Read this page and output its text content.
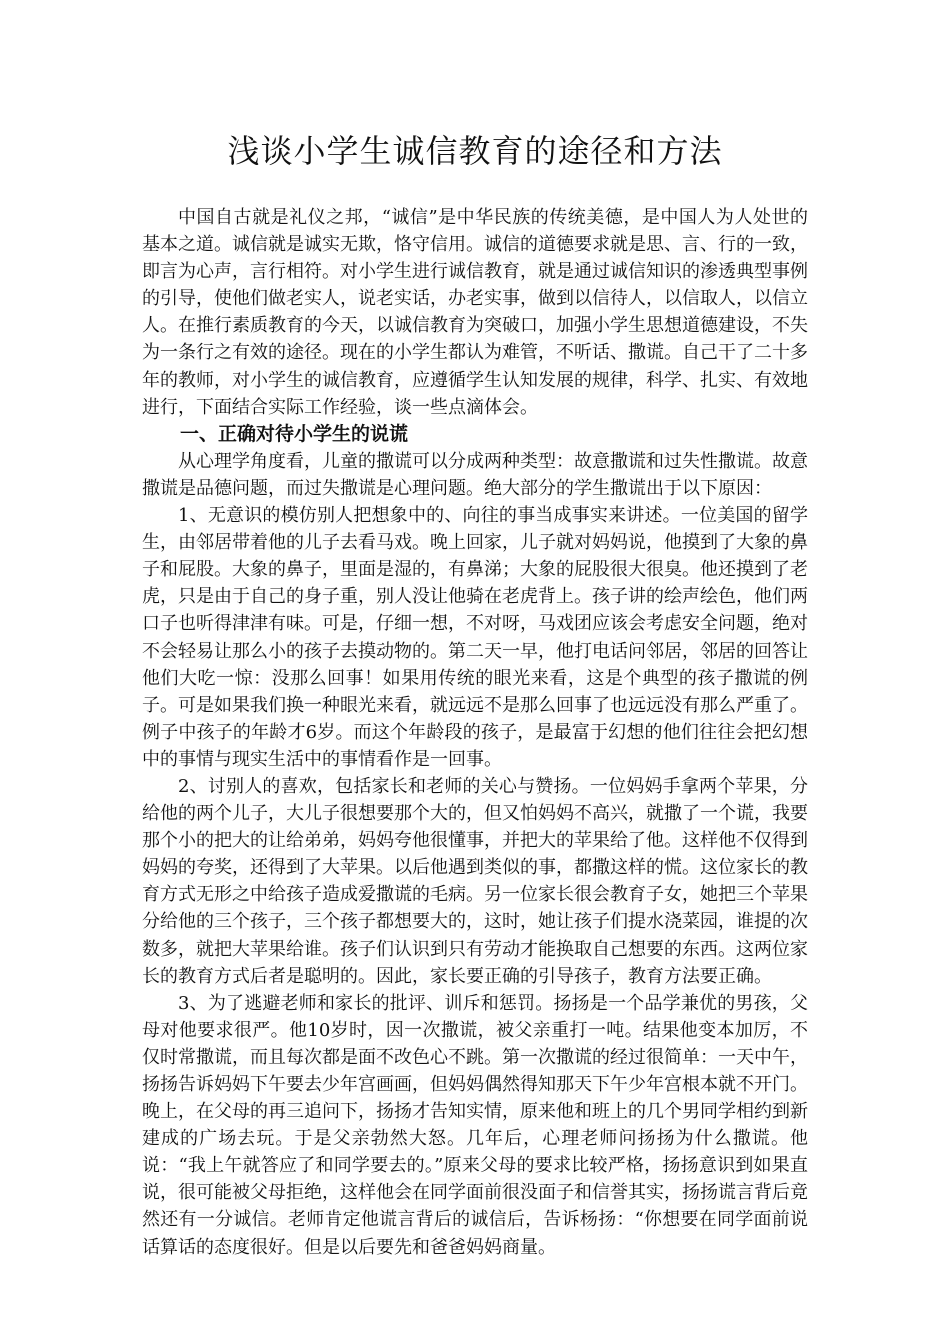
浅谈小学生诚信教育的途径和方法

中国自古就是礼仪之邦，“诚信”是中华民族的传统美德，是中国人为人处世的基本之道。诚信就是诚实无欺，恪守信用。诚信的道德要求就是思、言、行的一致，即言为心声，言行相符。对小学生进行诚信教育，就是通过诚信知识的渗透典型事例的引导，使他们做老实人，说老实话，办老实事，做到以信待人，以信取人，以信立人。在推行素质教育的今天，以诚信教育为突破口，加强小学生思想道德建设，不失为一条行之有效的途径。现在的小学生都认为难管，不听话、撒谎。自己干了二十多年的教师，对小学生的诚信教育，应遵循学生认知发展的规律，科学、扎实、有效地进行，下面结合实际工作经验，谈一些点滴体会。

一、正确对待小学生的说谎

从心理学角度看，儿童的撒谎可以分成两种类型：故意撒谎和过失性撒谎。故意撒谎是品德问题，而过失撒谎是心理问题。绝大部分的学生撒谎出于以下原因：

1、无意识的模仿别人把想象中的、向往的事当成事实来讲述。一位美国的留学生，由邻居带着他的儿子去看马戏。晚上回家，儿子就对妈妈说，他摸到了大象的鼻子和屁股。大象的鼻子，里面是湿的，有鼻涕；大象的屁股很大很臭。他还摸到了老虎，只是由于自己的身子重，别人没让他骑在老虎背上。孩子讲的绘声绘色，他们两口子也听得津津有味。可是，仔细一想，不对呀，马戏团应该会考虑安全问题，绝对不会轻易让那么小的孩子去摸动物的。第二天一早，他打电话问邻居，邻居的回答让他们大吃一惊：没那么回事！如果用传统的眼光来看，这是个典型的孩子撒谎的例子。可是如果我们换一种眼光来看，就远远不是那么回事了也远远没有那么严重了。例子中孩子的年龄才6岁。而这个年龄段的孩子，是最富于幻想的他们往往会把幻想中的事情与现实生活中的事情看作是一回事。

2、讨别人的喜欢，包括家长和老师的关心与赞扬。一位妈妈手拿两个苹果，分给他的两个儿子，大儿子很想要那个大的，但又怕妈妈不高兴，就撒了一个谎，我要那个小的把大的让给弟弟，妈妈夸他很懂事，并把大的苹果给了他。这样他不仅得到妈妈的夸奖，还得到了大苹果。以后他遇到类似的事，都撒这样的慌。这位家长的教育方式无形之中给孩子造成爱撒谎的毛病。另一位家长很会教育子女，她把三个苹果分给他的三个孩子，三个孩子都想要大的，这时，她让孩子们提水浇菜园，谁提的次数多，就把大苹果给谁。孩子们认识到只有劳动才能换取自己想要的东西。这两位家长的教育方式后者是聪明的。因此，家长要正确的引导孩子，教育方法要正确。

3、为了逃避老师和家长的批评、训斥和惩罚。扬扬是一个品学兼优的男孩，父母对他要求很严。他10岁时，因一次撒谎，被父亲重打一吨。结果他变本加厉，不仅时常撒谎，而且每次都是面不改色心不跳。第一次撒谎的经过很简单：一天中午，扬扬告诉妈妈下午要去少年宫画画，但妈妈偶然得知那天下午少年宫根本就不开门。晚上，在父母的再三追问下，扬扬才告知实情，原来他和班上的几个男同学相约到新建成的广场去玩。于是父亲勃然大怒。几年后，心理老师问扬扬为什么撒谎。他说：“我上午就答应了和同学要去的。”原来父母的要求比较严格，扬扬意识到如果直说，很可能被父母拒绝，这样他会在同学面前很没面子和信誉其实，扬扬谎言背后竟然还有一分诚信。老师肯定他谎言背后的诚信后，告诉杨扬：“你想要在同学面前说话算话的态度很好。但是以后要先和爸爸妈妈商量。
